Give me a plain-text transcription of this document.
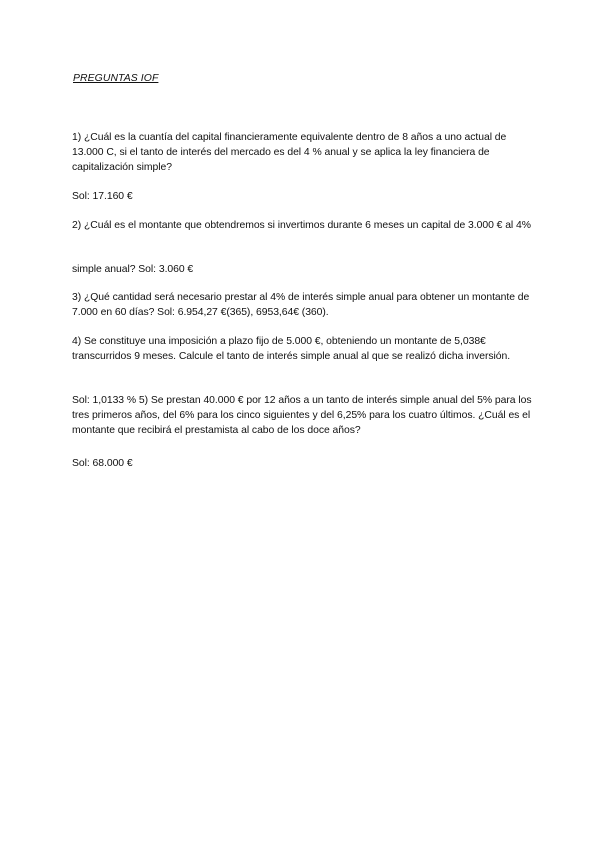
PREGUNTAS IOF

1) ¿Cuál es la cuantía del capital financieramente equivalente dentro de 8 años a uno actual de 13.000 C, si el tanto de interés del mercado es del 4 % anual y se aplica la ley financiera de capitalización simple?

Sol: 17.160 €

2) ¿Cuál es el montante que obtendremos si invertimos durante 6 meses un capital de 3.000 € al 4%

simple anual? Sol: 3.060 €

3) ¿Qué cantidad será necesario prestar al 4% de interés simple anual para obtener un montante de 7.000 en 60 días? Sol: 6.954,27 €(365), 6953,64€ (360).

4) Se constituye una imposición a plazo fijo de 5.000 €, obteniendo un montante de 5,038€ transcurridos 9 meses. Calcule el tanto de interés simple anual al que se realizó dicha inversión.

Sol: 1,0133 % 5) Se prestan 40.000 € por 12 años a un tanto de interés simple anual del 5% para los tres primeros años, del 6% para los cinco siguientes y del 6,25% para los cuatro últimos. ¿Cuál es el montante que recibirá el prestamista al cabo de los doce años?

Sol: 68.000 €
